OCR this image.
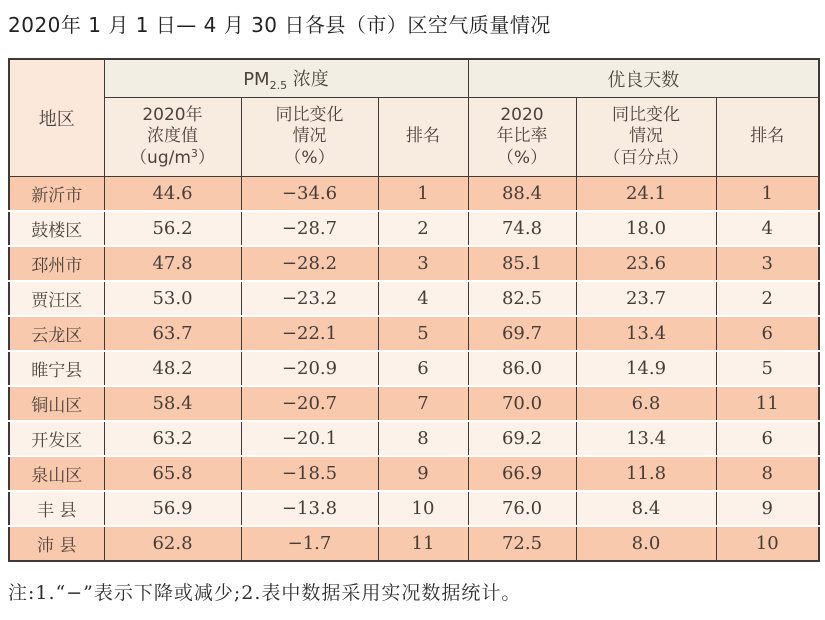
2020年 1 月 1 日— 4 月 30 日各县（市）区空气质量情况
地区	$PM_{2.5}$ 浓度			优良天数		

2020年
浓度值
$(ug/m^3)$

同比变化
情况
（%）
	排名	
2020
年比率
（%）

同比变化
情况
（百分点）
	排名
新沂市	44.6	−34.6	1	88.4	24.1	1
鼓楼区	56.2	−28.7	2	74.8	18.0	4
邳州市	47.8	−28.2	3	85.1	23.6	3
贾汪区	53.0	−23.2	4	82.5	23.7	2
云龙区	63.7	−22.1	5	69.7	13.4	6
睢宁县	48.2	−20.9	6	86.0	14.9	5
铜山区	58.4	−20.7	7	70.0	6.8	11
开发区	63.2	−20.1	8	69.2	13.4	6
泉山区	65.8	−18.5	9	66.9	11.8	8
丰 县	56.9	−13.8	10	76.0	8.4	9
沛 县	62.8	−1.7	11	72.5	8.0	10
注:1.“−”表示下降或减少;2.表中数据采用实况数据统计。
